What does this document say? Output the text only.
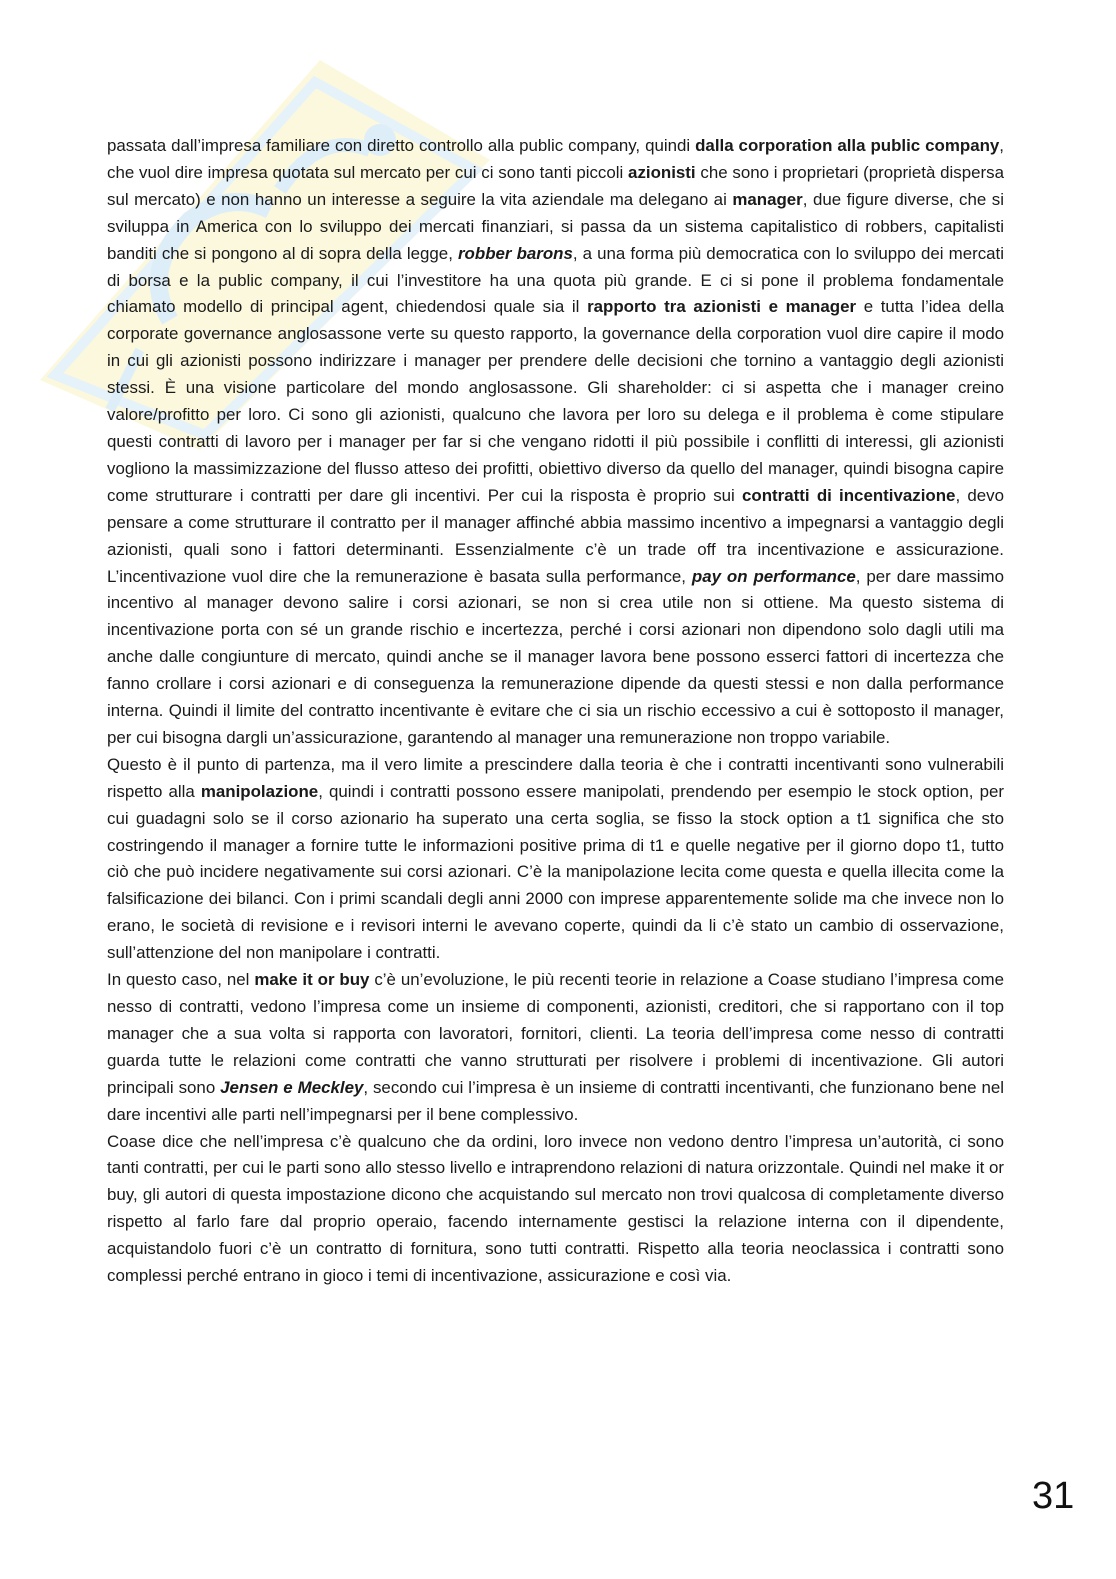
passata dall’impresa familiare con diretto controllo alla public company, quindi dalla corporation alla public company, che vuol dire impresa quotata sul mercato per cui ci sono tanti piccoli azionisti che sono i proprietari (proprietà dispersa sul mercato) e non hanno un interesse a seguire la vita aziendale ma delegano ai manager, due figure diverse, che si sviluppa in America con lo sviluppo dei mercati finanziari, si passa da un sistema capitalistico di robbers, capitalisti banditi che si pongono al di sopra della legge, robber barons, a una forma più democratica con lo sviluppo dei mercati di borsa e la public company, il cui l’investitore ha una quota più grande. E ci si pone il problema fondamentale chiamato modello di principal agent, chiedendosi quale sia il rapporto tra azionisti e manager e tutta l’idea della corporate governance anglosassone verte su questo rapporto, la governance della corporation vuol dire capire il modo in cui gli azionisti possono indirizzare i manager per prendere delle decisioni che tornino a vantaggio degli azionisti stessi. È una visione particolare del mondo anglosassone. Gli shareholder: ci si aspetta che i manager creino valore/profitto per loro. Ci sono gli azionisti, qualcuno che lavora per loro su delega e il problema è come stipulare questi contratti di lavoro per i manager per far si che vengano ridotti il più possibile i conflitti di interessi, gli azionisti vogliono la massimizzazione del flusso atteso dei profitti, obiettivo diverso da quello del manager, quindi bisogna capire come strutturare i contratti per dare gli incentivi. Per cui la risposta è proprio sui contratti di incentivazione, devo pensare a come strutturare il contratto per il manager affinché abbia massimo incentivo a impegnarsi a vantaggio degli azionisti, quali sono i fattori determinanti. Essenzialmente c’è un trade off tra incentivazione e assicurazione. L’incentivazione vuol dire che la remunerazione è basata sulla performance, pay on performance, per dare massimo incentivo al manager devono salire i corsi azionari, se non si crea utile non si ottiene. Ma questo sistema di incentivazione porta con sé un grande rischio e incertezza, perché i corsi azionari non dipendono solo dagli utili ma anche dalle congiunture di mercato, quindi anche se il manager lavora bene possono esserci fattori di incertezza che fanno crollare i corsi azionari e di conseguenza la remunerazione dipende da questi stessi e non dalla performance interna. Quindi il limite del contratto incentivante è evitare che ci sia un rischio eccessivo a cui è sottoposto il manager, per cui bisogna dargli un’assicurazione, garantendo al manager una remunerazione non troppo variabile.

Questo è il punto di partenza, ma il vero limite a prescindere dalla teoria è che i contratti incentivanti sono vulnerabili rispetto alla manipolazione, quindi i contratti possono essere manipolati, prendendo per esempio le stock option, per cui guadagni solo se il corso azionario ha superato una certa soglia, se fisso la stock option a t1 significa che sto costringendo il manager a fornire tutte le informazioni positive prima di t1 e quelle negative per il giorno dopo t1, tutto ciò che può incidere negativamente sui corsi azionari. C’è la manipolazione lecita come questa e quella illecita come la falsificazione dei bilanci. Con i primi scandali degli anni 2000 con imprese apparentemente solide ma che invece non lo erano, le società di revisione e i revisori interni le avevano coperte, quindi da li c’è stato un cambio di osservazione, sull’attenzione del non manipolare i contratti.

In questo caso, nel make it or buy c’è un’evoluzione, le più recenti teorie in relazione a Coase studiano l’impresa come nesso di contratti, vedono l’impresa come un insieme di componenti, azionisti, creditori, che si rapportano con il top manager che a sua volta si rapporta con lavoratori, fornitori, clienti. La teoria dell’impresa come nesso di contratti guarda tutte le relazioni come contratti che vanno strutturati per risolvere i problemi di incentivazione. Gli autori principali sono Jensen e Meckley, secondo cui l’impresa è un insieme di contratti incentivanti, che funzionano bene nel dare incentivi alle parti nell’impegnarsi per il bene complessivo.

Coase dice che nell’impresa c’è qualcuno che da ordini, loro invece non vedono dentro l’impresa un’autorità, ci sono tanti contratti, per cui le parti sono allo stesso livello e intraprendono relazioni di natura orizzontale. Quindi nel make it or buy, gli autori di questa impostazione dicono che acquistando sul mercato non trovi qualcosa di completamente diverso rispetto al farlo fare dal proprio operaio, facendo internamente gestisci la relazione interna con il dipendente, acquistandolo fuori c’è un contratto di fornitura, sono tutti contratti. Rispetto alla teoria neoclassica i contratti sono complessi perché entrano in gioco i temi di incentivazione, assicurazione e così via.

31
